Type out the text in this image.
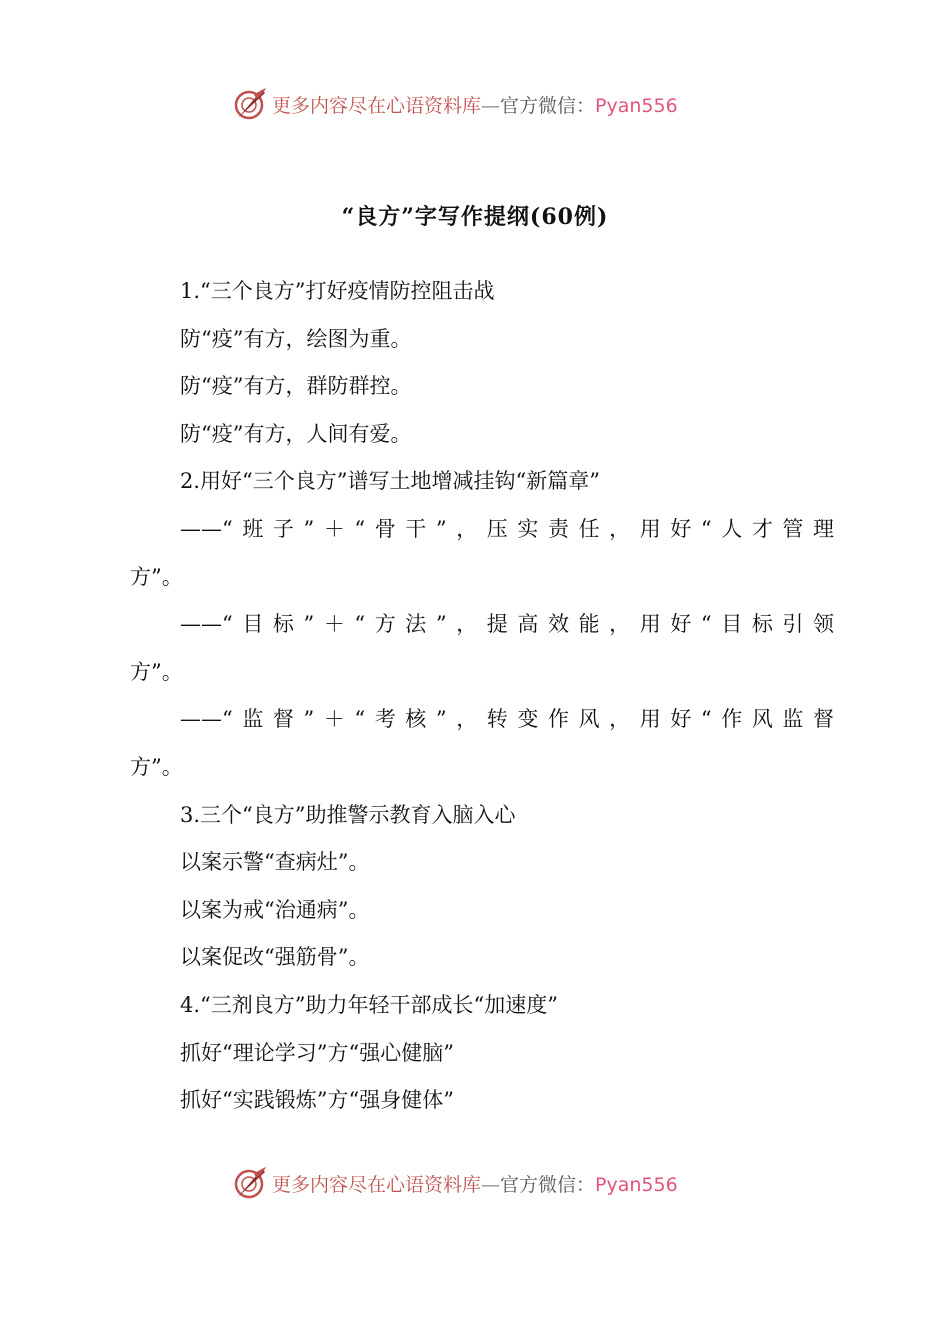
更多内容尽在心语资料库—官方微信：Pyan556
“良方”字写作提纲(60例)
1.“三个良方”打好疫情防控阻击战
防“疫”有方，绘图为重。
防“疫”有方，群防群控。
防“疫”有方，人间有爱。
2.用好“三个良方”谱写土地增减挂钩“新篇章”
——“班子”＋“骨干”，压实责任，用好“人才管理
方”。
——“目标”＋“方法”，提高效能，用好“目标引领
方”。
——“监督”＋“考核”，转变作风，用好“作风监督
方”。
3.三个“良方”助推警示教育入脑入心
以案示警“查病灶”。
以案为戒“治通病”。
以案促改“强筋骨”。
4.“三剂良方”助力年轻干部成长“加速度”
抓好“理论学习”方“强心健脑”
抓好“实践锻炼”方“强身健体”
更多内容尽在心语资料库—官方微信：Pyan556
